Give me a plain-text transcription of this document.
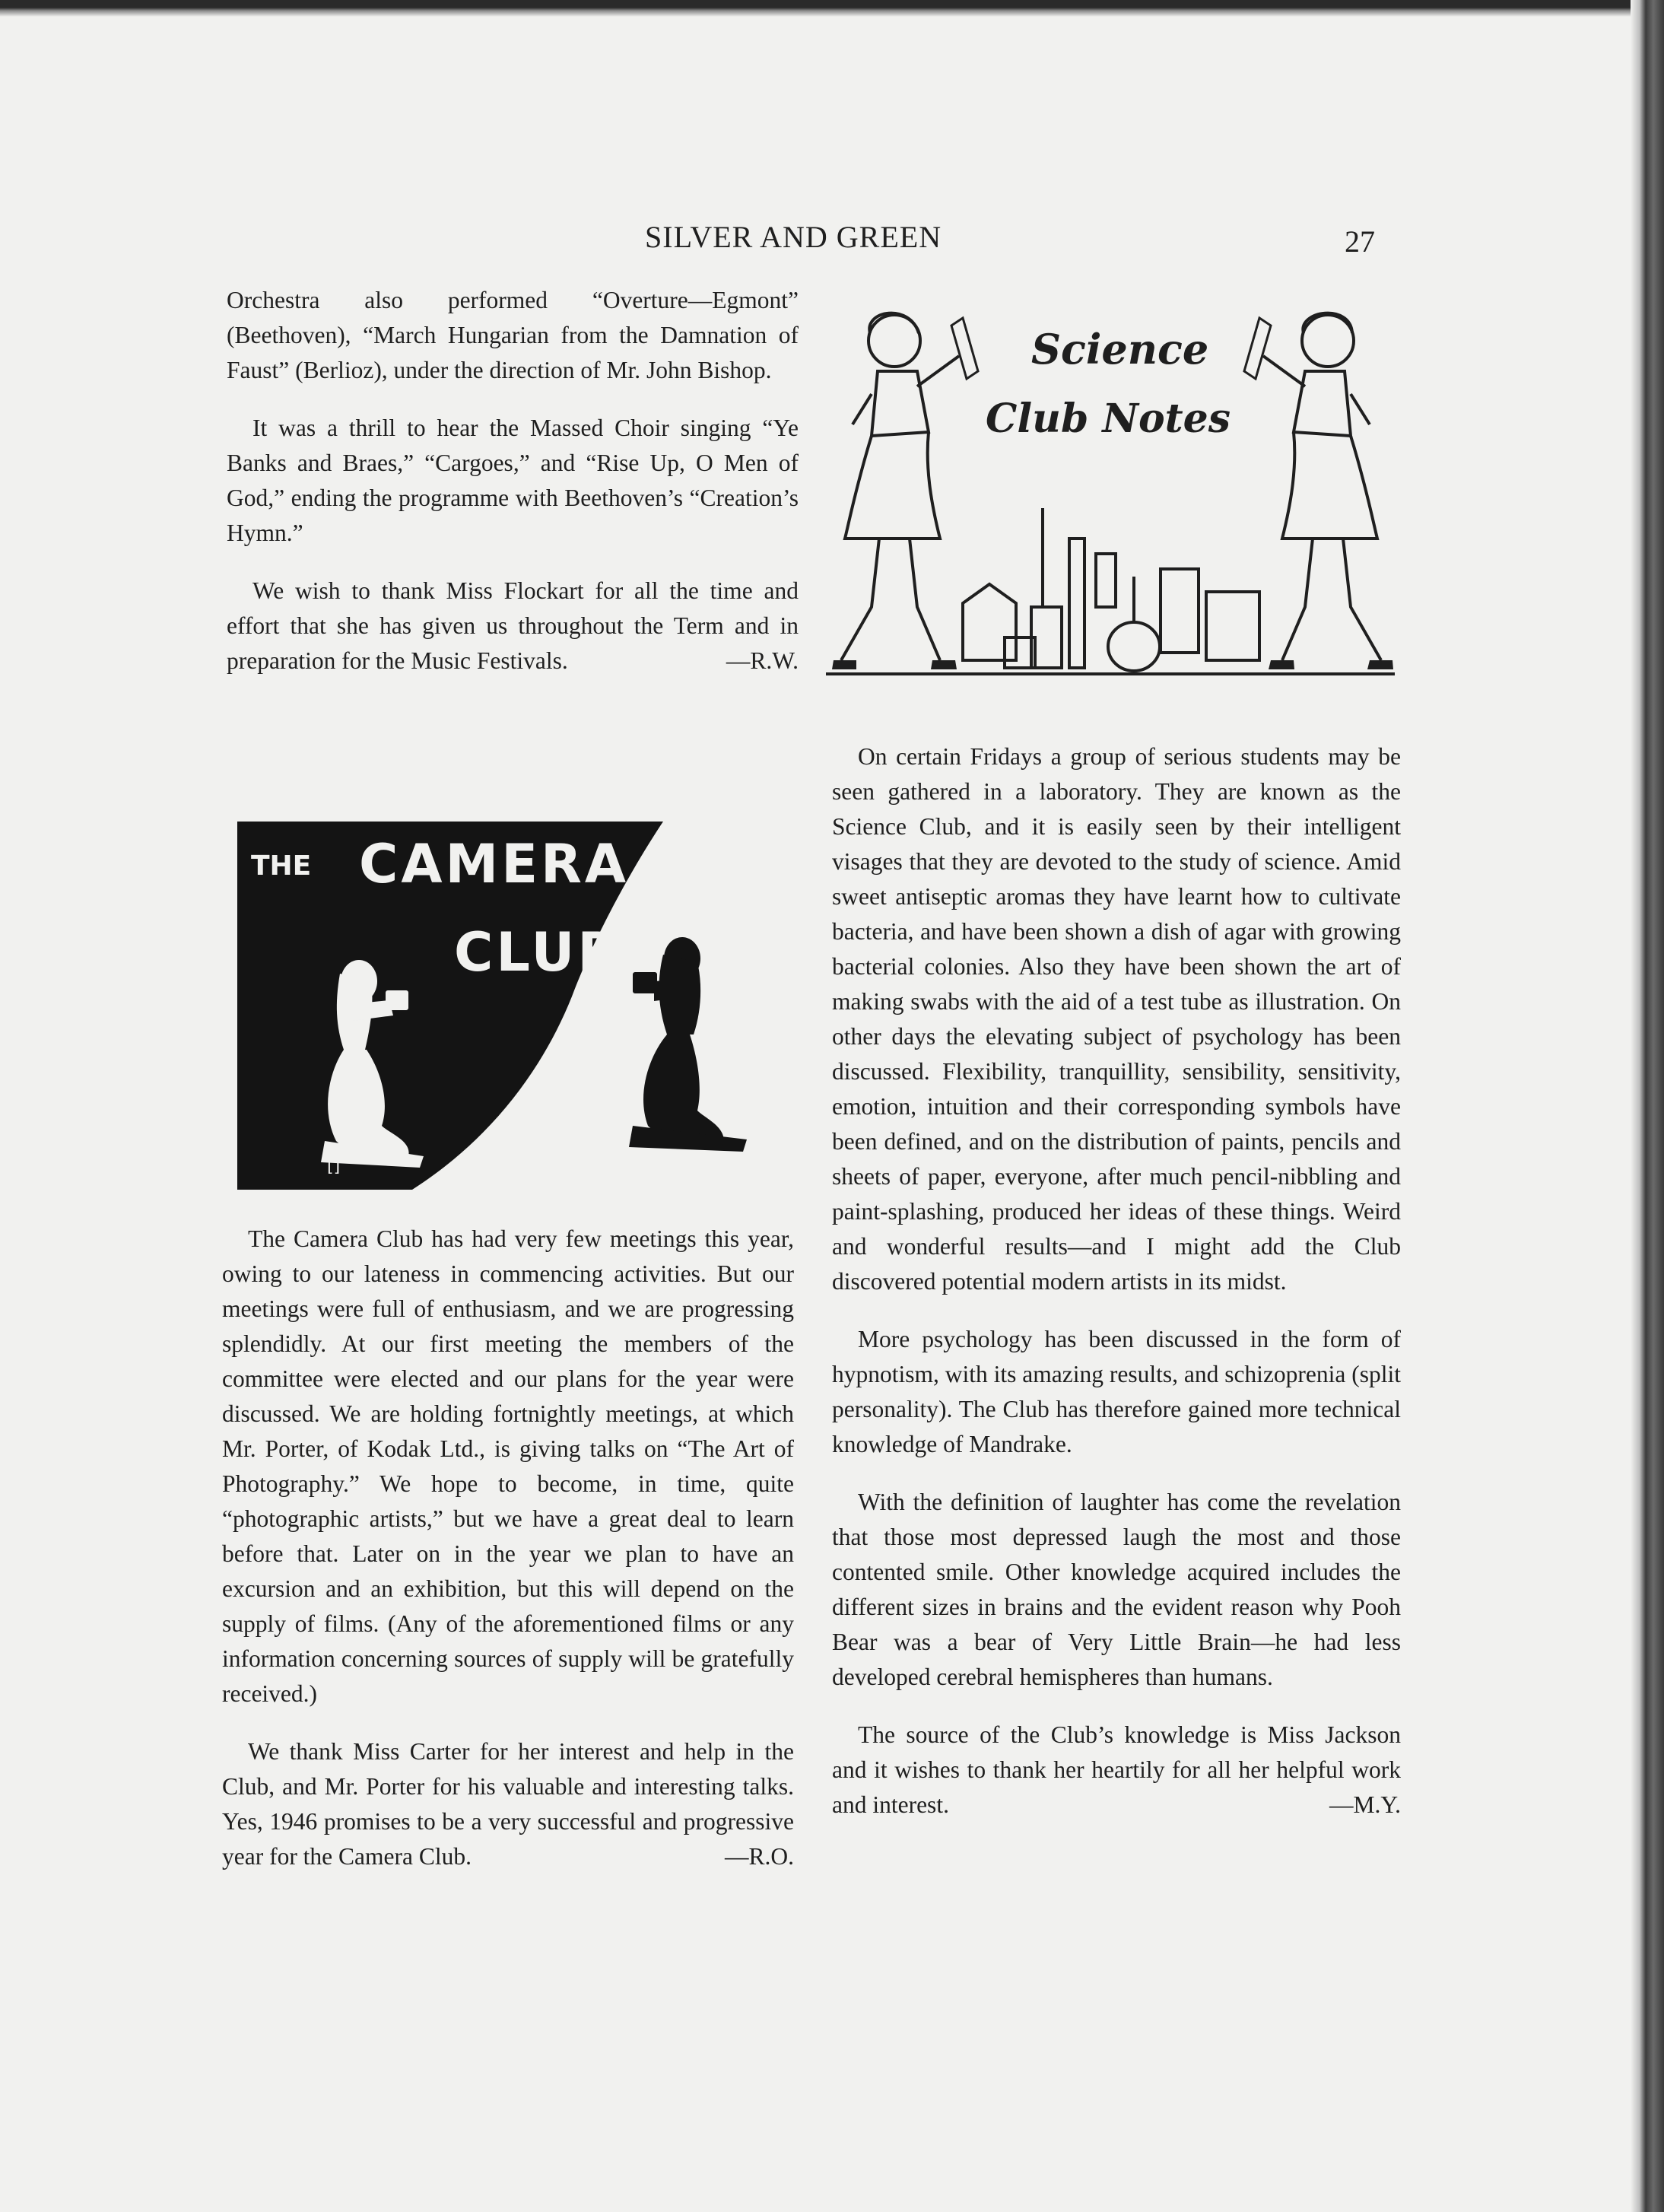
SILVER AND GREEN	27

Orchestra also performed “Overture—Egmont” (Beethoven), “March Hungarian from the Damnation of Faust” (Berlioz), under the direction of Mr. John Bishop.

It was a thrill to hear the Massed Choir singing “Ye Banks and Braes,” “Cargoes,” and “Rise Up, O Men of God,” ending the programme with Beethoven’s “Creation’s Hymn.”

We wish to thank Miss Flockart for all the time and effort that she has given us throughout the Term and in preparation for the Music Festivals.	—R.W.

THE CAMERA
CLUB
[]

The Camera Club has had very few meetings this year, owing to our lateness in commencing activities. But our meetings were full of enthusiasm, and we are progressing splendidly. At our first meeting the members of the committee were elected and our plans for the year were discussed. We are holding fortnightly meetings, at which Mr. Porter, of Kodak Ltd., is giving talks on “The Art of Photography.” We hope to become, in time, quite “photographic artists,” but we have a great deal to learn before that. Later on in the year we plan to have an excursion and an exhibition, but this will depend on the supply of films. (Any of the aforementioned films or any information concerning sources of supply will be gratefully received.)

We thank Miss Carter for her interest and help in the Club, and Mr. Porter for his valuable and interesting talks. Yes, 1946 promises to be a very successful and progressive year for the Camera Club.	—R.O.

Science
Club Notes

On certain Fridays a group of serious students may be seen gathered in a laboratory. They are known as the Science Club, and it is easily seen by their intelligent visages that they are devoted to the study of science. Amid sweet antiseptic aromas they have learnt how to cultivate bacteria, and have been shown a dish of agar with growing bacterial colonies. Also they have been shown the art of making swabs with the aid of a test tube as illustration. On other days the elevating subject of psychology has been discussed. Flexibility, tranquillity, sensibility, sensitivity, emotion, intuition and their corresponding symbols have been defined, and on the distribution of paints, pencils and sheets of paper, everyone, after much pencil-nibbling and paint-splashing, produced her ideas of these things. Weird and wonderful results—and I might add the Club discovered potential modern artists in its midst.

More psychology has been discussed in the form of hypnotism, with its amazing results, and schizoprenia (split personality). The Club has therefore gained more technical knowledge of Mandrake.

With the definition of laughter has come the revelation that those most depressed laugh the most and those contented smile. Other knowledge acquired includes the different sizes in brains and the evident reason why Pooh Bear was a bear of Very Little Brain—he had less developed cerebral hemispheres than humans.

The source of the Club’s knowledge is Miss Jackson and it wishes to thank her heartily for all her helpful work and interest.	—M.Y.
